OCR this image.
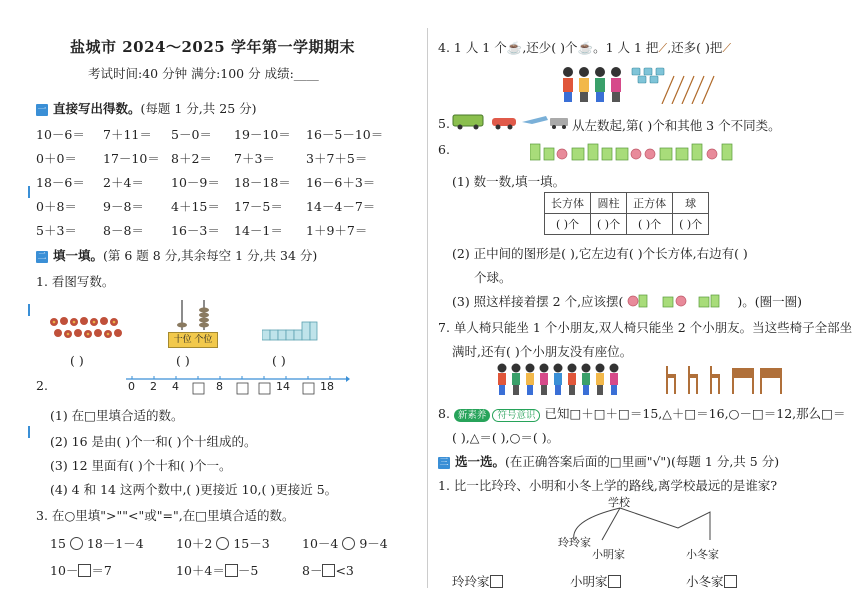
盐城市 2024～2025 学年第一学期期末
考试时间:40 分钟 满分:100 分 成绩:____
一 直接写出得数。(每题 1 分,共 25 分)
10－6＝ 7＋11＝ 5－0＝ 19－10＝ 16－5－10＝
0＋0＝ 17－10＝ 8＋2＝ 7＋3＝ 3＋7＋5＝
18－6＝ 2＋4＝ 10－9＝ 18－18＝ 16－6＋3＝
0＋8＝ 9－8＝ 4＋15＝ 17－5＝ 14－4－7＝
5＋3＝ 8－8＝ 16－3＝ 14－1＝ 1＋9＋7＝
二 填一填。(第 6 题 8 分,其余每空 1 分,共 34 分)
1. 看图写数。
( )
十位 个位
( )	( )
2.	0 2 4	8	14	18
(1) 在□里填合适的数。
(2) 16 是由( )个一和( )个十组成的。
(3) 12 里面有( )个十和( )个一。
(4) 4 和 14 这两个数中,( )更接近 10,( )更接近 5。
3. 在○里填">""<"或"=",在□里填合适的数。
15 18－1－4	10＋2 15－3	10－4 9－4
10－ ＝7	10＋4＝ －5	8－ <3
4. 1 人 1 个☕,还少( )个☕。1 人 1 把⟋,还多( )把⟋
5.	从左数起,第( )个和其他 3 个不同类。
6.
(1) 数一数,填一填。
长方体	圆柱	正方体	球
( )个	( )个	( )个	( )个
(2) 正中间的图形是( ),它左边有( )个长方体,右边有( )
个球。
(3) 照这样接着摆 2 个,应该摆(	)。(圈一圈)
7. 单人椅只能坐 1 个小朋友,双人椅只能坐 2 个小朋友。当这些椅子全部坐
满时,还有( )个小朋友没有座位。
8. 新素养 符号意识 已知□＋□＋□＝15,△＋□＝16,○－□＝12,那么□＝
( ),△＝( ),○＝( )。
三 选一选。(在正确答案后面的□里画"√")(每题 1 分,共 5 分)
1. 比一比玲玲、小明和小冬上学的路线,离学校最远的是谁家?
学校
玲玲家
小明家	小冬家
玲玲家	小明家	小冬家
